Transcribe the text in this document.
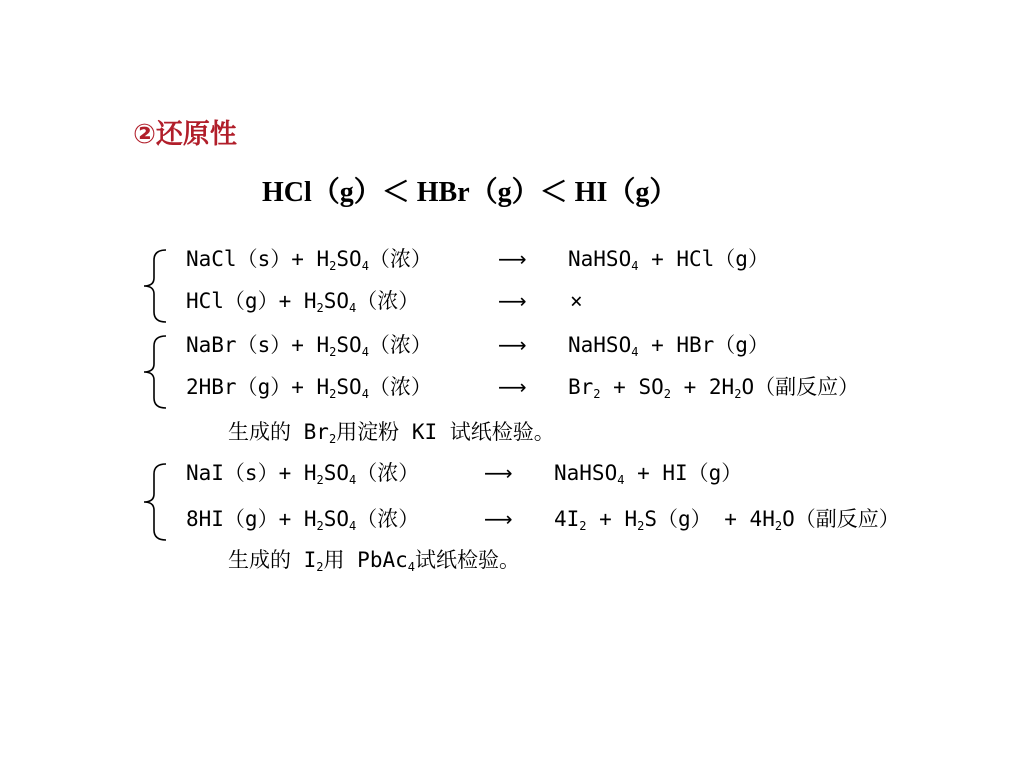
②还原性
HCl（g）＜ HBr（g）＜ HI（g）
NaCl（s）+ $H_2SO_4$（浓）	⟶ NaHSO$_4$ + HCl（g）
$HCl(g)+ H_2SO_4$（浓）	⟶ ×
NaBr（s）+ $H_2SO_4$（浓）	⟶ NaHSO$_4$ + HBr（g）
$2HBr(g)+ H_2SO_4$（浓）	⟶ $Br_2 + SO_2 + 2H_2O$（副反应）
生成的 $Br_2$用淀粉 KI 试纸检验。
$NaI(s)+ H_2SO_4$（浓）	⟶ NaHSO$_4$ + HI（g）
$8HI(g)+ H_2SO_4$（浓）	⟶ $4I_2 + H_2S(g) + 4H_2O$（副反应）
生成的 $I_2$用 PbAc$_4$试纸检验。
